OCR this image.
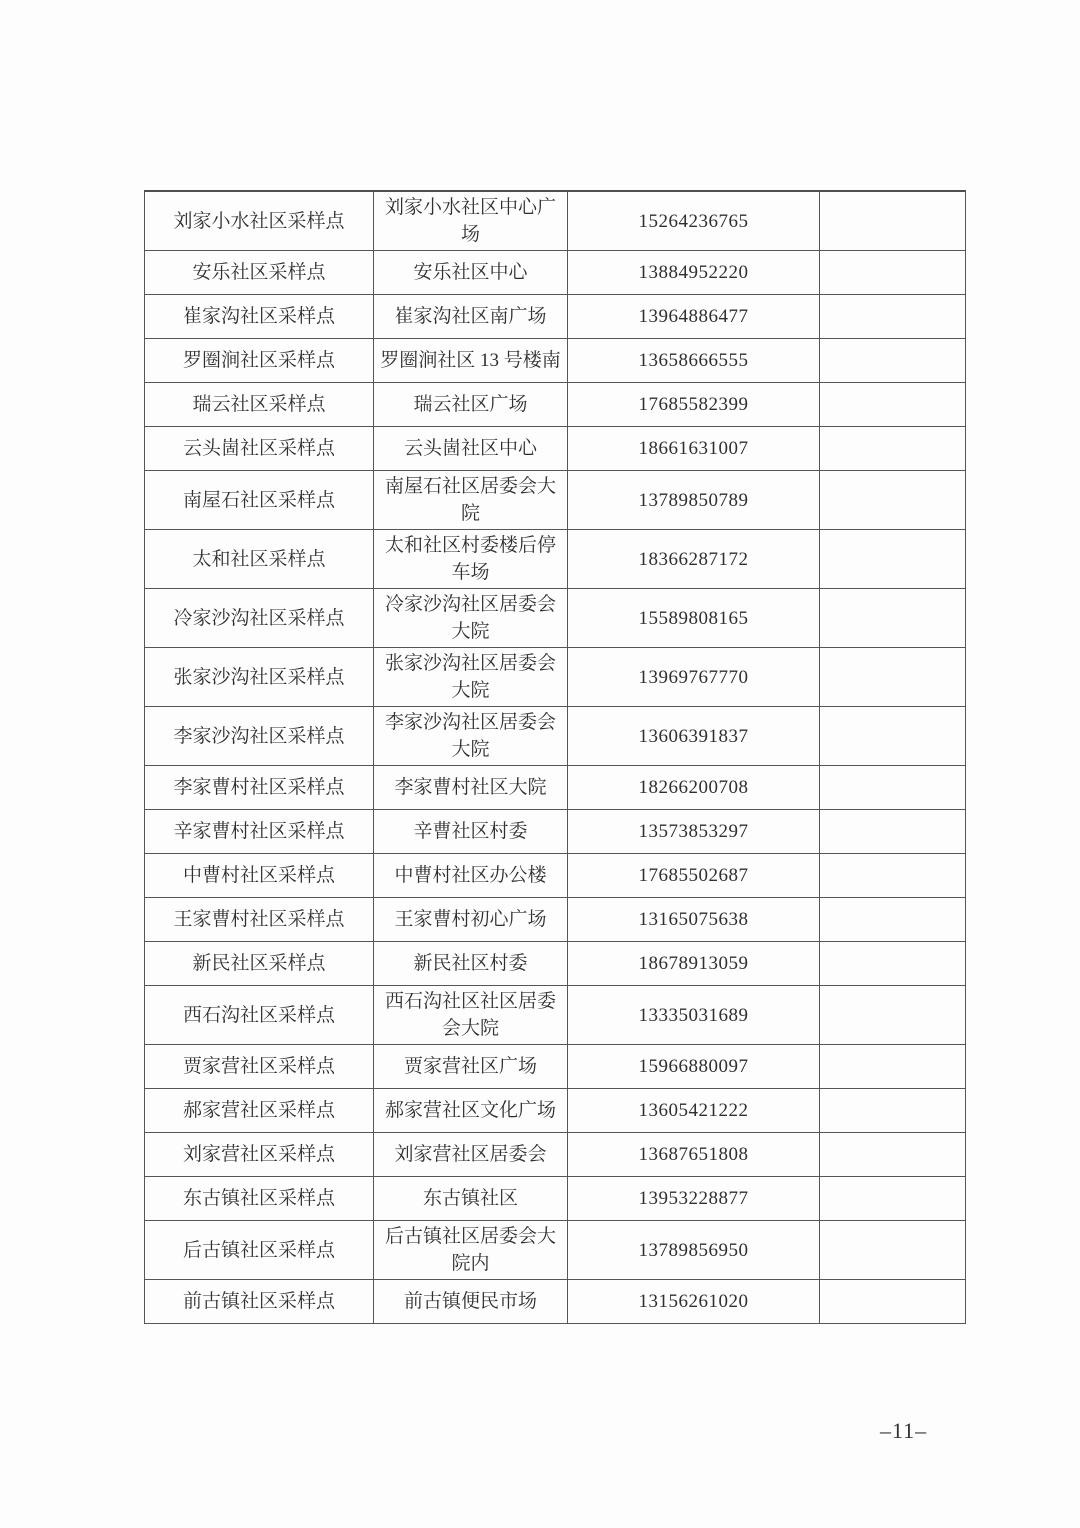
刘家小水社区采样点	刘家小水社区中心广场	15264236765	
安乐社区采样点	安乐社区中心	13884952220	
崔家沟社区采样点	崔家沟社区南广场	13964886477	
罗圈涧社区采样点	罗圈涧社区 13 号楼南	13658666555	
瑞云社区采样点	瑞云社区广场	17685582399	
云头崮社区采样点	云头崮社区中心	18661631007	
南屋石社区采样点	南屋石社区居委会大院	13789850789	
太和社区采样点	太和社区村委楼后停车场	18366287172	
冷家沙沟社区采样点	冷家沙沟社区居委会大院	15589808165	
张家沙沟社区采样点	张家沙沟社区居委会大院	13969767770	
李家沙沟社区采样点	李家沙沟社区居委会大院	13606391837	
李家曹村社区采样点	李家曹村社区大院	18266200708	
辛家曹村社区采样点	辛曹社区村委	13573853297	
中曹村社区采样点	中曹村社区办公楼	17685502687	
王家曹村社区采样点	王家曹村初心广场	13165075638	
新民社区采样点	新民社区村委	18678913059	
西石沟社区采样点	西石沟社区社区居委会大院	13335031689	
贾家营社区采样点	贾家营社区广场	15966880097	
郝家营社区采样点	郝家营社区文化广场	13605421222	
刘家营社区采样点	刘家营社区居委会	13687651808	
东古镇社区采样点	东古镇社区	13953228877	
后古镇社区采样点	后古镇社区居委会大院内	13789856950	
前古镇社区采样点	前古镇便民市场	13156261020	
–11–
